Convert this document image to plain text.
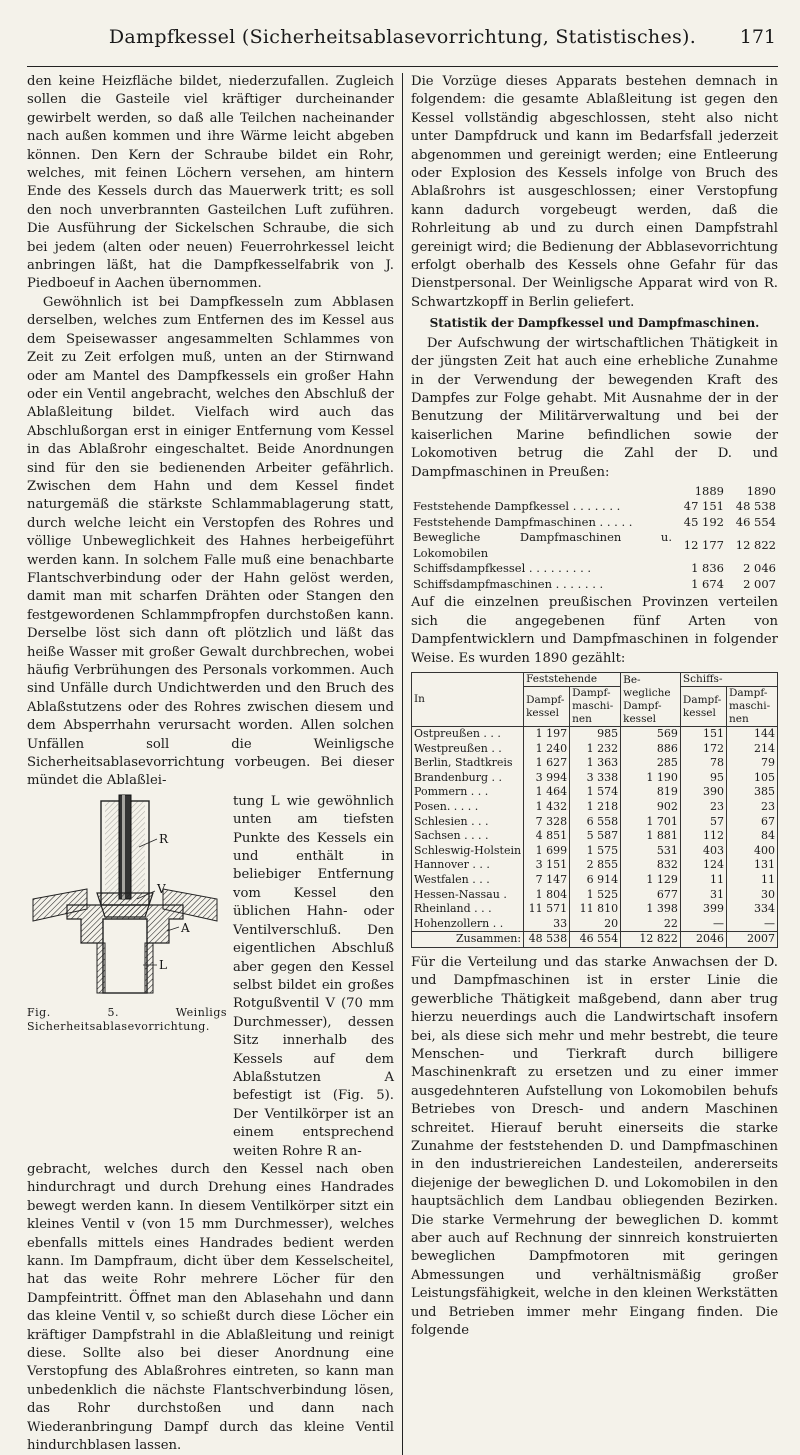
Dampfkessel (Sicherheitsablasevorrichtung, Statistisches).	171

den keine Heizfläche bildet, niederzufallen. Zugleich sollen die Gasteile viel kräftiger durcheinander gewirbelt werden, so daß alle Teilchen nacheinander nach außen kommen und ihre Wärme leicht abgeben können. Den Kern der Schraube bildet ein Rohr, welches, mit feinen Löchern versehen, am hintern Ende des Kessels durch das Mauerwerk tritt; es soll den noch unverbrannten Gasteilchen Luft zuführen. Die Ausführung der Sickelschen Schraube, die sich bei jedem (alten oder neuen) Feuerrohrkessel leicht anbringen läßt, hat die Dampfkesselfabrik von J. Piedboeuf in Aachen übernommen.

Gewöhnlich ist bei Dampfkesseln zum Abblasen derselben, welches zum Entfernen des im Kessel aus dem Speisewasser angesammelten Schlammes von Zeit zu Zeit erfolgen muß, unten an der Stirnwand oder am Mantel des Dampfkessels ein großer Hahn oder ein Ventil angebracht, welches den Abschluß der Ablaßleitung bildet. Vielfach wird auch das Abschlußorgan erst in einiger Entfernung vom Kessel in das Ablaßrohr eingeschaltet. Beide Anordnungen sind für den sie bedienenden Arbeiter gefährlich. Zwischen dem Hahn und dem Kessel findet naturgemäß die stärkste Schlammablagerung statt, durch welche leicht ein Verstopfen des Rohres und völlige Unbeweglichkeit des Hahnes herbeigeführt werden kann. In solchem Falle muß eine benachbarte Flantschverbindung oder der Hahn gelöst werden, damit man mit scharfen Drähten oder Stangen den festgewordenen Schlammpfropfen durchstoßen kann. Derselbe löst sich dann oft plötzlich und läßt das heiße Wasser mit großer Gewalt durchbrechen, wobei häufig Verbrühungen des Personals vorkommen. Auch sind Unfälle durch Undichtwerden und den Bruch des Ablaßstutzens oder des Rohres zwischen diesem und dem Absperrhahn verursacht worden. Allen solchen Unfällen soll die Weinligsche Sicherheitsablasevorrichtung vorbeugen. Bei dieser mündet die Ablaßlei-

R
V
A
L
Fig. 5. Weinligs Sicherheitsablasevorrichtung.
tung L wie gewöhnlich unten am tiefsten Punkte des Kessels ein und enthält in beliebiger Entfernung vom Kessel den üblichen Hahn- oder Ventilverschluß. Den eigentlichen Abschluß aber gegen den Kessel selbst bildet ein großes Rotgußventil V (70 mm Durchmesser), dessen Sitz innerhalb des Kessels auf dem Ablaßstutzen A befestigt ist (Fig. 5). Der Ventilkörper ist an einem entsprechend weiten Rohre R an-

gebracht, welches durch den Kessel nach oben hindurchragt und durch Drehung eines Handrades bewegt werden kann. In diesem Ventilkörper sitzt ein kleines Ventil v (von 15 mm Durchmesser), welches ebenfalls mittels eines Handrades bedient werden kann. Im Dampfraum, dicht über dem Kesselscheitel, hat das weite Rohr mehrere Löcher für den Dampfeintritt. Öffnet man den Ablasehahn und dann das kleine Ventil v, so schießt durch diese Löcher ein kräftiger Dampfstrahl in die Ablaßleitung und reinigt diese. Sollte also bei dieser Anordnung eine Verstopfung des Ablaßrohres eintreten, so kann man unbedenklich die nächste Flantschverbindung lösen, das Rohr durchstoßen und dann nach Wiederanbringung Dampf durch das kleine Ventil hindurchblasen lassen.

Die Vorzüge dieses Apparats bestehen demnach in folgendem: die gesamte Ablaßleitung ist gegen den Kessel vollständig abgeschlossen, steht also nicht unter Dampfdruck und kann im Bedarfsfall jederzeit abgenommen und gereinigt werden; eine Entleerung oder Explosion des Kessels infolge von Bruch des Ablaßrohrs ist ausgeschlossen; einer Verstopfung kann dadurch vorgebeugt werden, daß die Rohrleitung ab und zu durch einen Dampfstrahl gereinigt wird; die Bedienung der Abblasevorrichtung erfolgt oberhalb des Kessels ohne Gefahr für das Dienstpersonal. Der Weinligsche Apparat wird von R. Schwartzkopff in Berlin geliefert.

Statistik der Dampfkessel und Dampfmaschinen.

Der Aufschwung der wirtschaftlichen Thätigkeit in der jüngsten Zeit hat auch eine erhebliche Zunahme in der Verwendung der bewegenden Kraft des Dampfes zur Folge gehabt. Mit Ausnahme der in der Benutzung der Militärverwaltung und bei der kaiserlichen Marine befindlichen sowie der Lokomotiven betrug die Zahl der D. und Dampfmaschinen in Preußen:

	1889	1890
Feststehende Dampfkessel . . . . . . .	47 151	48 538
Feststehende Dampfmaschinen . . . . .	45 192	46 554
Bewegliche Dampfmaschinen u. Lokomobilen	12 177	12 822
Schiffsdampfkessel . . . . . . . . .	1 836	2 046
Schiffsdampfmaschinen . . . . . . .	1 674	2 007

Auf die einzelnen preußischen Provinzen verteilen sich die angegebenen fünf Arten von Dampfentwicklern und Dampfmaschinen in folgender Weise. Es wurden 1890 gezählt:

In	Feststehende		Be- wegliche Dampf- kessel	Schiffs-	
	Dampf- kessel	Dampf- maschi- nen		Dampf- kessel	Dampf- maschi- nen
Ostpreußen . . .	1 197	985	569	151	144
Westpreußen . .	1 240	1 232	886	172	214
Berlin, Stadtkreis	1 627	1 363	285	78	79
Brandenburg . .	3 994	3 338	1 190	95	105
Pommern . . .	1 464	1 574	819	390	385
Posen. . . . .	1 432	1 218	902	23	23
Schlesien . . .	7 328	6 558	1 701	57	67
Sachsen . . . .	4 851	5 587	1 881	112	84
Schleswig-Holstein	1 699	1 575	531	403	400
Hannover . . .	3 151	2 855	832	124	131
Westfalen . . .	7 147	6 914	1 129	11	11
Hessen-Nassau .	1 804	1 525	677	31	30
Rheinland . . .	11 571	11 810	1 398	399	334
Hohenzollern . .	33	20	22	—	—
Zusammen:	48 538	46 554	12 822	2046	2007

Für die Verteilung und das starke Anwachsen der D. und Dampfmaschinen ist in erster Linie die gewerbliche Thätigkeit maßgebend, dann aber trug hierzu neuerdings auch die Landwirtschaft insofern bei, als diese sich mehr und mehr bestrebt, die teure Menschen- und Tierkraft durch billigere Maschinenkraft zu ersetzen und zu einer immer ausgedehnteren Aufstellung von Lokomobilen behufs Betriebes von Dresch- und andern Maschinen schreitet. Hierauf beruht einerseits die starke Zunahme der feststehenden D. und Dampfmaschinen in den industriereichen Landesteilen, andererseits diejenige der beweglichen D. und Lokomobilen in den hauptsächlich dem Landbau obliegenden Bezirken. Die starke Vermehrung der beweglichen D. kommt aber auch auf Rechnung der sinnreich konstruierten beweglichen Dampfmotoren mit geringen Abmessungen und verhältnismäßig großer Leistungsfähigkeit, welche in den kleinen Werkstätten und Betrieben immer mehr Eingang finden. Die folgende
